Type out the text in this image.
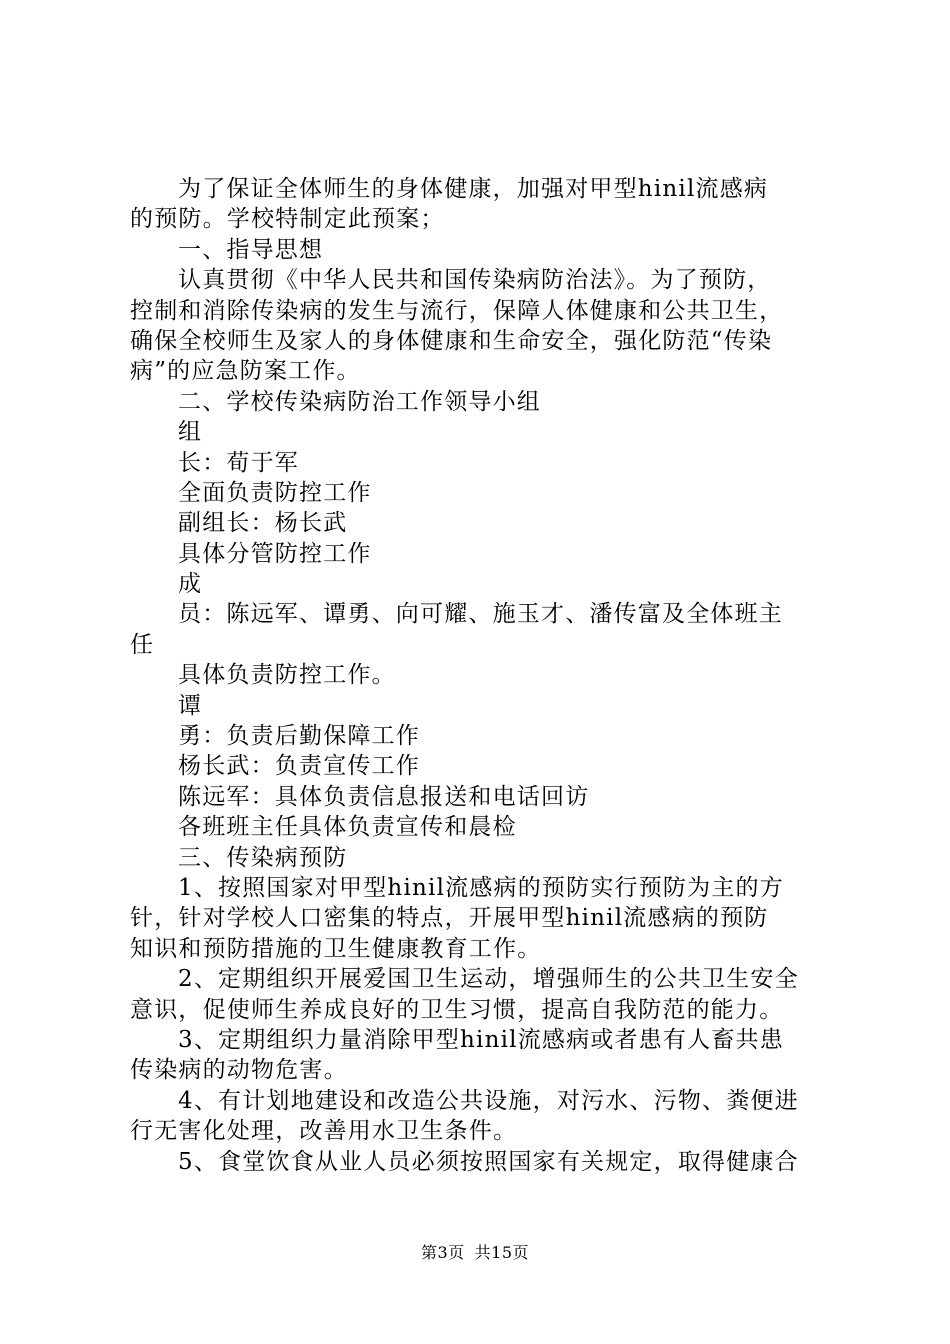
为了保证全体师生的身体健康，加强对甲型hinil流感病
的预防。学校特制定此预案；
一、指导思想
认真贯彻《中华人民共和国传染病防治法》。为了预防，
控制和消除传染病的发生与流行，保障人体健康和公共卫生，
确保全校师生及家人的身体健康和生命安全，强化防范“传染
病”的应急防案工作。
二、学校传染病防治工作领导小组
组
长：荀于军
全面负责防控工作
副组长：杨长武
具体分管防控工作
成
员：陈远军、谭勇、向可耀、施玉才、潘传富及全体班主
任
具体负责防控工作。
谭
勇：负责后勤保障工作
杨长武：负责宣传工作
陈远军：具体负责信息报送和电话回访
各班班主任具体负责宣传和晨检
三、传染病预防
1、按照国家对甲型hinil流感病的预防实行预防为主的方
针，针对学校人口密集的特点，开展甲型hinil流感病的预防
知识和预防措施的卫生健康教育工作。
2、定期组织开展爱国卫生运动，增强师生的公共卫生安全
意识，促使师生养成良好的卫生习惯，提高自我防范的能力。
3、定期组织力量消除甲型hinil流感病或者患有人畜共患
传染病的动物危害。
4、有计划地建设和改造公共设施，对污水、污物、粪便进
行无害化处理，改善用水卫生条件。
5、食堂饮食从业人员必须按照国家有关规定，取得健康合
第3页 共15页
